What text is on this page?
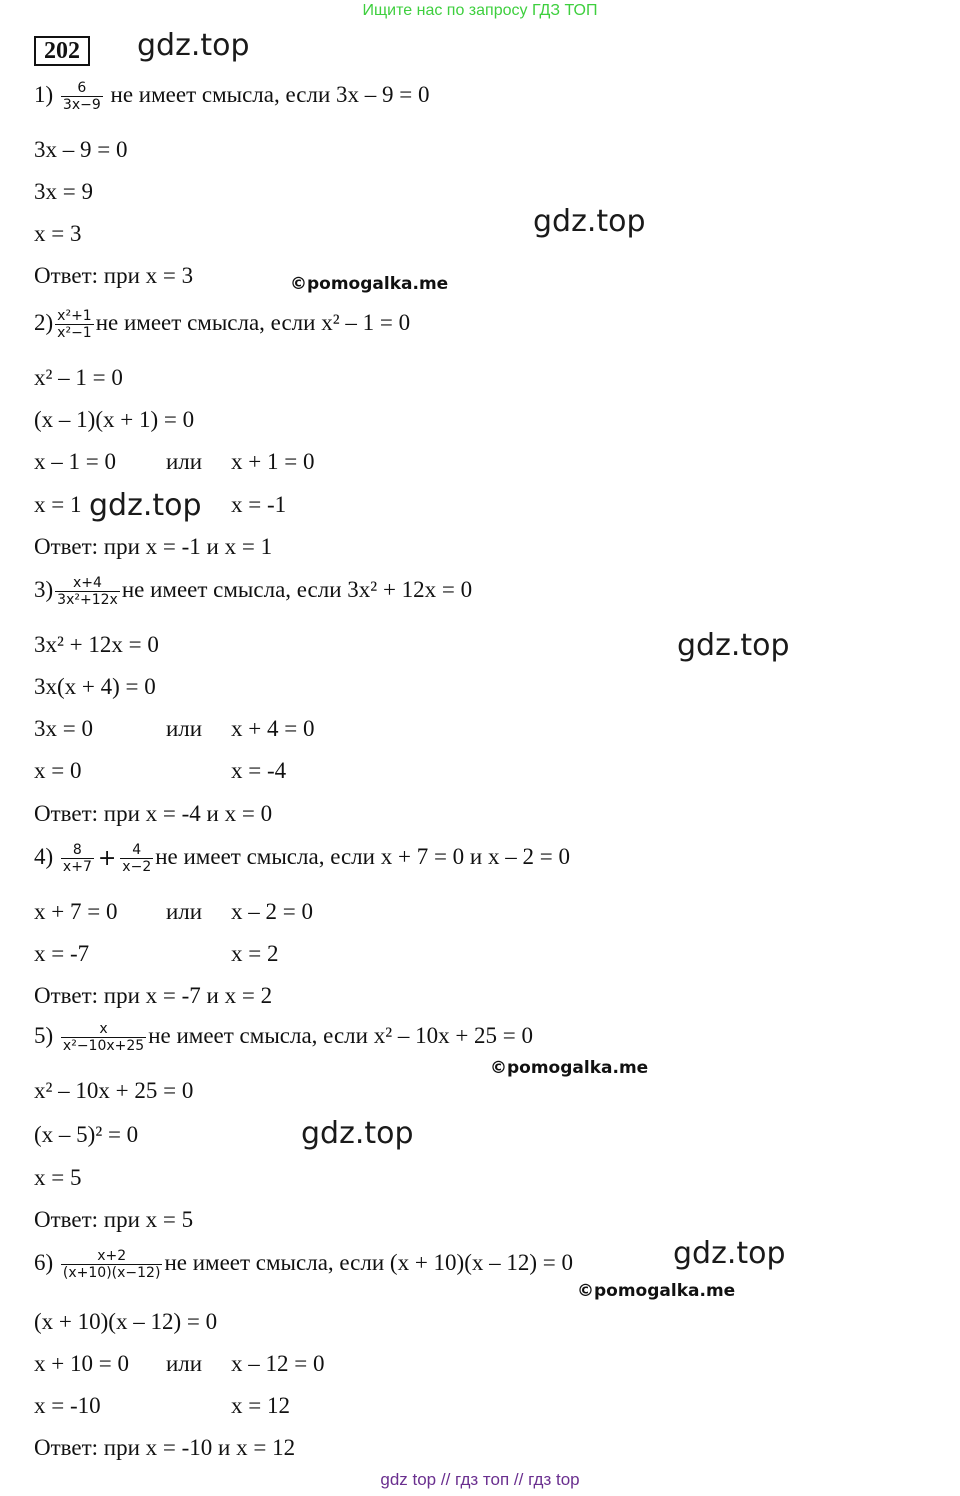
Ищите нас по запросу ГДЗ ТОП
202	gdz.top
gdz.top
gdz.top
gdz.top
gdz.top
©pomogalka.me
©pomogalka.me
©pomogalka.me
$1) \frac{6}{3x-9}$ не имеет смысла, если 3x – 9 = 0
3x – 9 = 0
3x = 9
x = 3
Ответ: при x = 3
$2) \frac{\text{x²+1}}{\text{x²−1}}$ не имеет смысла, если x² – 1 = 0
x² – 1 = 0
(x – 1)(x + 1) = 0
x – 1 = 0 или x + 1 = 0
x = 1 gdz.top x = -1
Ответ: при x = -1 и x = 1
$3) \frac{x+4}{\text{3x²+12x}}$ не имеет смысла, если 3x² + 12x = 0
3x² + 12x = 0
3x(x + 4) = 0
3x = 0	или x + 4 = 0
x = 0	x = -4
Ответ: при x = -4 и x = 0
$4) \frac{8}{x+7} + \frac{4}{x-2}$ не имеет смысла, если x + 7 = 0 и x – 2 = 0
x + 7 = 0 или x – 2 = 0
x = -7	x = 2
Ответ: при x = -7 и x = 2
$5) \frac{x}{\text{x²−10x+25}}$ не имеет смысла, если x² – 10x + 25 = 0
x² – 10x + 25 = 0
(x – 5)² = 0
x = 5
Ответ: при x = 5
$6) \frac{x+2}{(x+10)(x-12)}$ не имеет смысла, если (x + 10)(x – 12) = 0
(x + 10)(x – 12) = 0
x + 10 = 0 или x – 12 = 0
x = -10	x = 12
Ответ: при x = -10 и x = 12
gdz top // гдз топ // гдз top
